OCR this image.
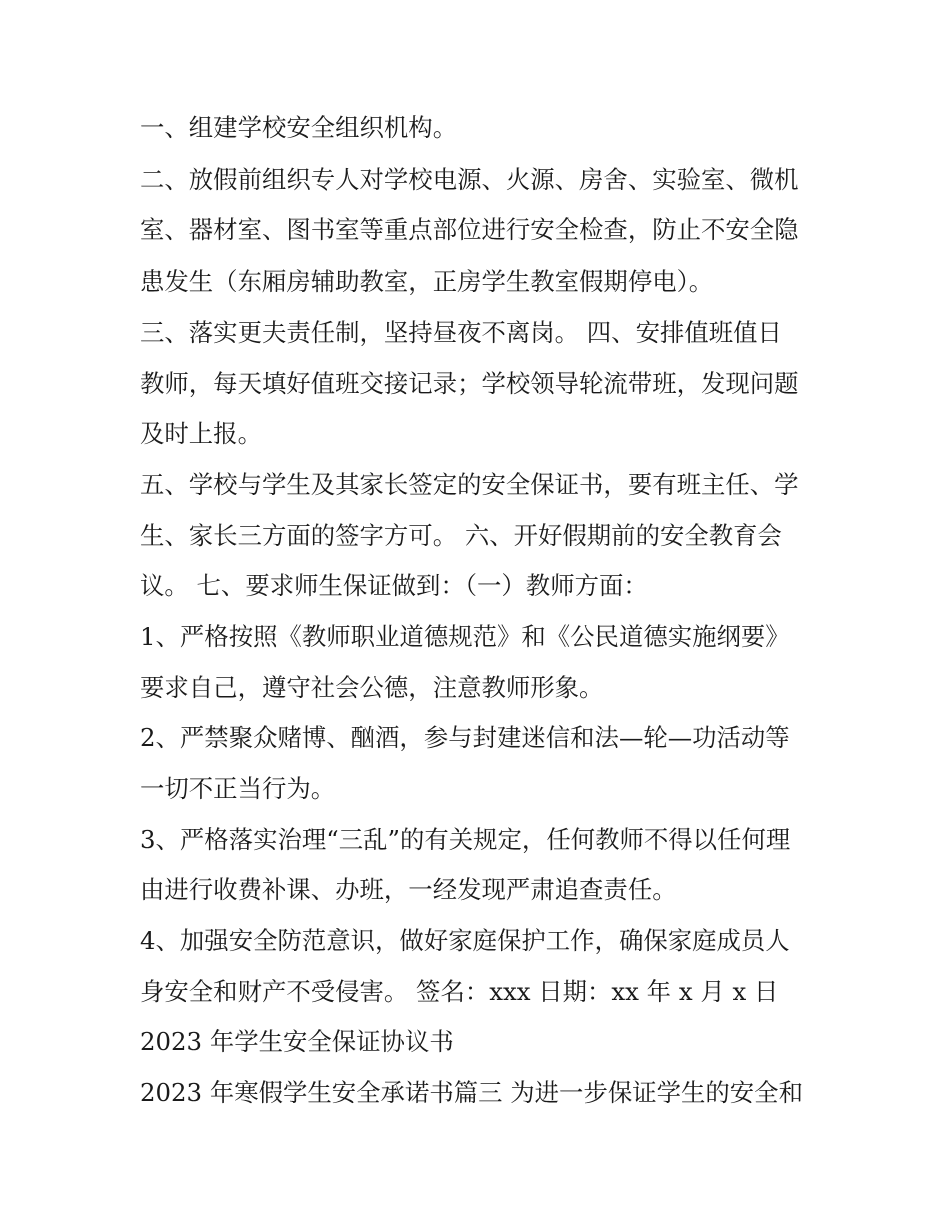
一、组建学校安全组织机构。
二、放假前组织专人对学校电源、火源、房舍、实验室、微机
室、器材室、图书室等重点部位进行安全检查，防止不安全隐
患发生（东厢房辅助教室，正房学生教室假期停电）。
三、落实更夫责任制，坚持昼夜不离岗。 四、安排值班值日
教师，每天填好值班交接记录；学校领导轮流带班，发现问题
及时上报。
五、学校与学生及其家长签定的安全保证书，要有班主任、学
生、家长三方面的签字方可。 六、开好假期前的安全教育会
议。 七、要求师生保证做到：（一）教师方面：
1、严格按照《教师职业道德规范》和《公民道德实施纲要》
要求自己，遵守社会公德，注意教师形象。
2、严禁聚众赌博、酗酒，参与封建迷信和法—轮—功活动等
一切不正当行为。
3、严格落实治理“三乱”的有关规定，任何教师不得以任何理
由进行收费补课、办班，一经发现严肃追查责任。
4、加强安全防范意识，做好家庭保护工作，确保家庭成员人
身安全和财产不受侵害。 签名：xxx 日期：xx 年 x 月 x 日
2023 年学生安全保证协议书
2023 年寒假学生安全承诺书篇三 为进一步保证学生的安全和
